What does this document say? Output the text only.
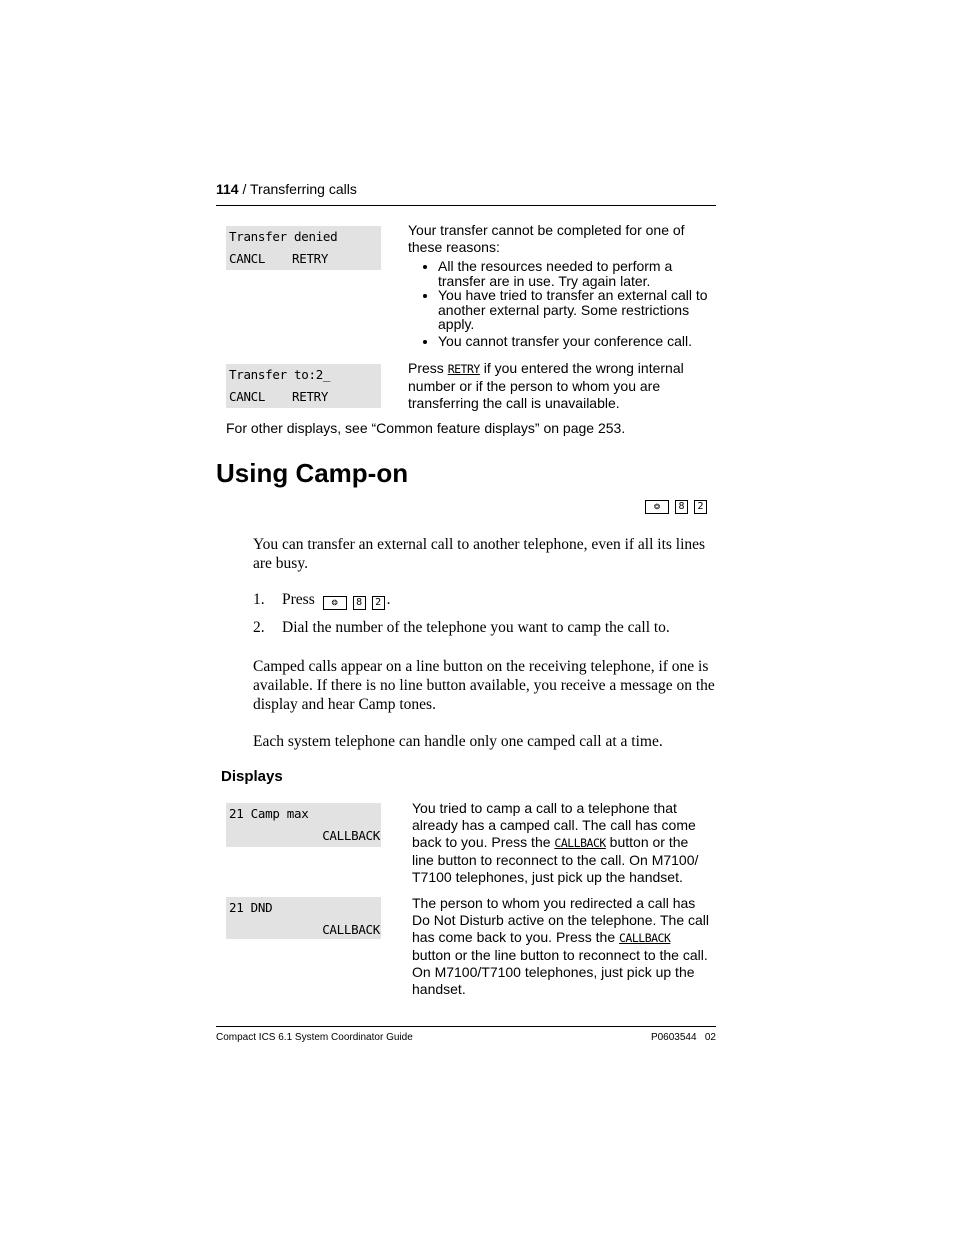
114 / Transferring calls
Transfer denied
CANCL RETRY
Your transfer cannot be completed for one of these reasons:
• All the resources needed to perform a transfer are in use. Try again later.
• You have tried to transfer an external call to another external party. Some restrictions apply.
• You cannot transfer your conference call.
Transfer to:2_
CANCL RETRY
Press RETRY if you entered the wrong internal number or if the person to whom you are transferring the call is unavailable.
For other displays, see “Common feature displays” on page 253.
Using Camp-on
❂	8	2
You can transfer an external call to another telephone, even if all its lines are busy.
1. Press	❂	8	2 .
2. Dial the number of the telephone you want to camp the call to.
Camped calls appear on a line button on the receiving telephone, if one is available. If there is no line button available, you receive a message on the display and hear Camp tones.
Each system telephone can handle only one camped call at a time.
Displays
21 Camp max
CALLBACK
You tried to camp a call to a telephone that already has a camped call. The call has come back to you. Press the CALLBACK button or the line button to reconnect to the call. On M7100/ T7100 telephones, just pick up the handset.
21 DND
CALLBACK
The person to whom you redirected a call has Do Not Disturb active on the telephone. The call has come back to you. Press the CALLBACK button or the line button to reconnect to the call. On M7100/T7100 telephones, just pick up the handset.
Compact ICS 6.1 System Coordinator Guide	P0603544   02
